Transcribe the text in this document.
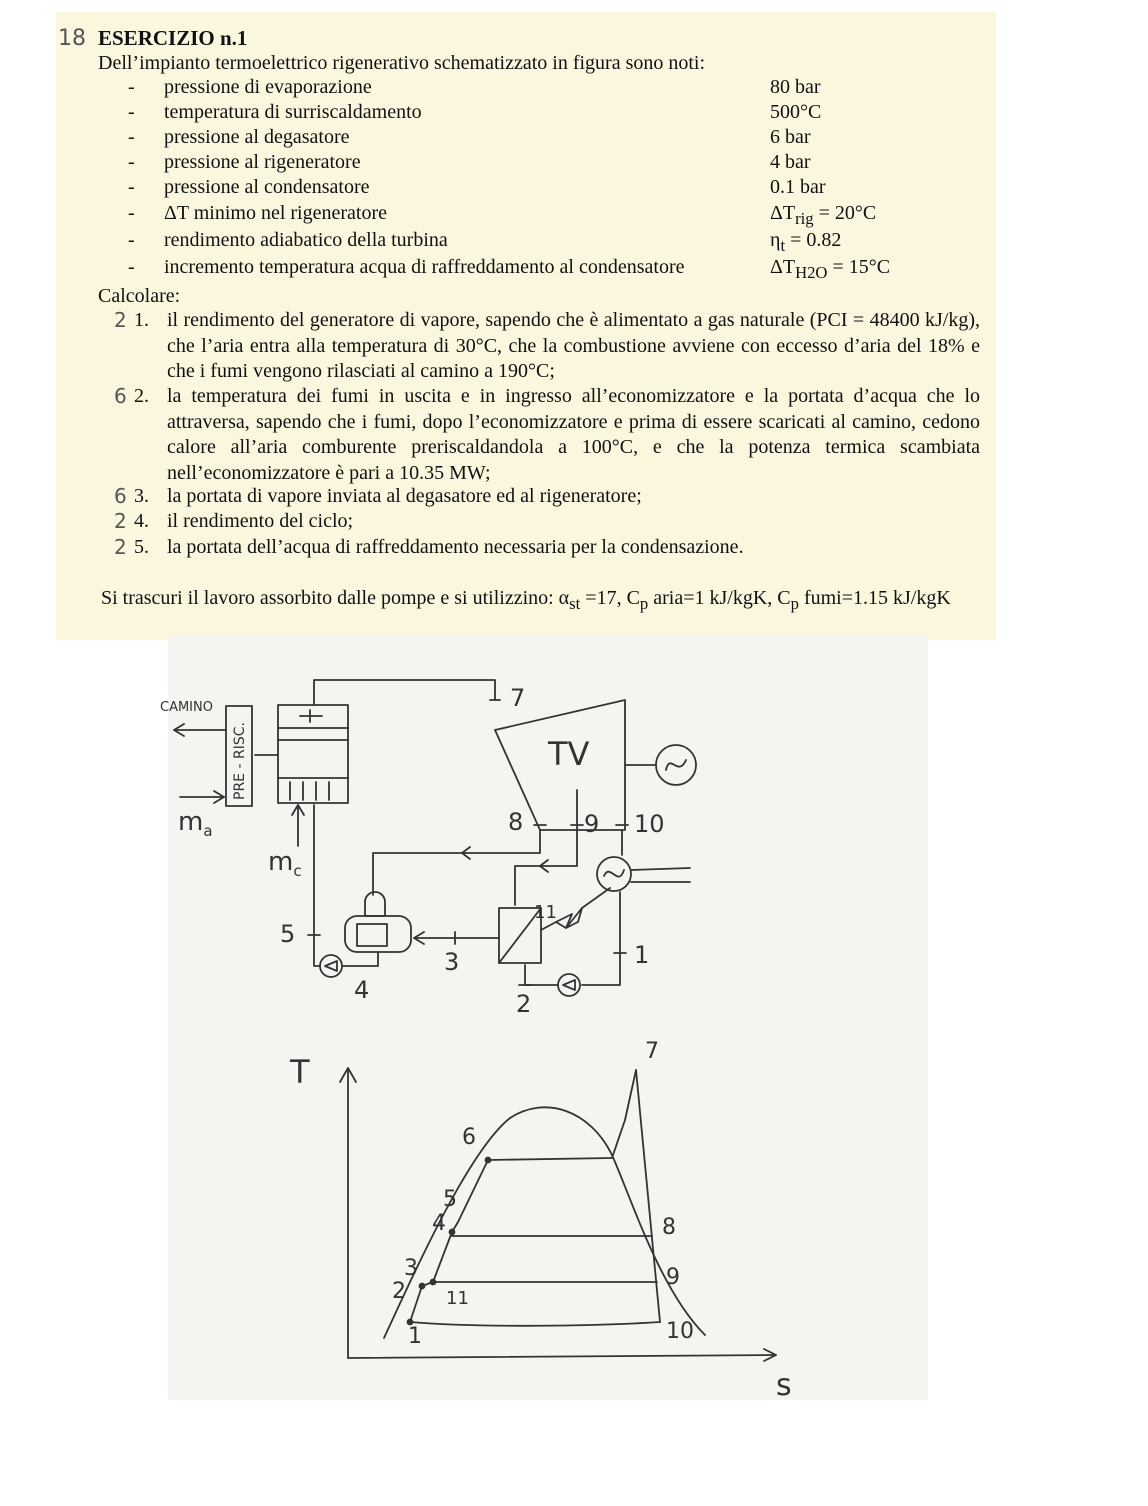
18 ESERCIZIO n.1
Dell’impianto termoelettrico rigenerativo schematizzato in figura sono noti:
- pressione di evaporazione	80 bar
- temperatura di surriscaldamento	500°C
- pressione al degasatore	6 bar
- pressione al rigeneratore	4 bar
- pressione al condensatore	0.1 bar
- ΔT minimo nel rigeneratore	$\Delta T_{rig} = 20^\circ C$
- rendimento adiabatico della turbina	$\eta_t = 0.82$
- incremento temperatura acqua di raffreddamento al condensatore	$\Delta T_{H2O} = 15^\circ C$
Calcolare:
2 1. il rendimento del generatore di vapore, sapendo che è alimentato a gas naturale (PCI = 48400 kJ/kg), che l’aria entra alla temperatura di 30°C, che la combustione avviene con eccesso d’aria del 18% e che i fumi vengono rilasciati al camino a 190°C;
6 2. la temperatura dei fumi in uscita e in ingresso all’economizzatore e la portata d’acqua che lo attraversa, sapendo che i fumi, dopo l’economizzatore e prima di essere scaricati al camino, cedono calore all’aria comburente preriscaldandola a 100°C, e che la potenza termica scambiata nell’economizzatore è pari a 10.35 MW;
6 3. la portata di vapore inviata al degasatore ed al rigeneratore;
2 4. il rendimento del ciclo;
2 5. la portata dell’acqua di raffreddamento necessaria per la condensazione.
Si trascuri il lavoro assorbito dalle pompe e si utilizzino: $\alpha_{st} =17$, $C_p$ aria=1 kJ/kgK, $C_p$ fumi=1.15 kJ/kgK
CAMINO
PRE - RISC.
$m_a$
$m_c$
TV
7
8	9 10
11
5
4
3
2
1
T
s
1
2
3
4
5
6
7
8
9
10
11
